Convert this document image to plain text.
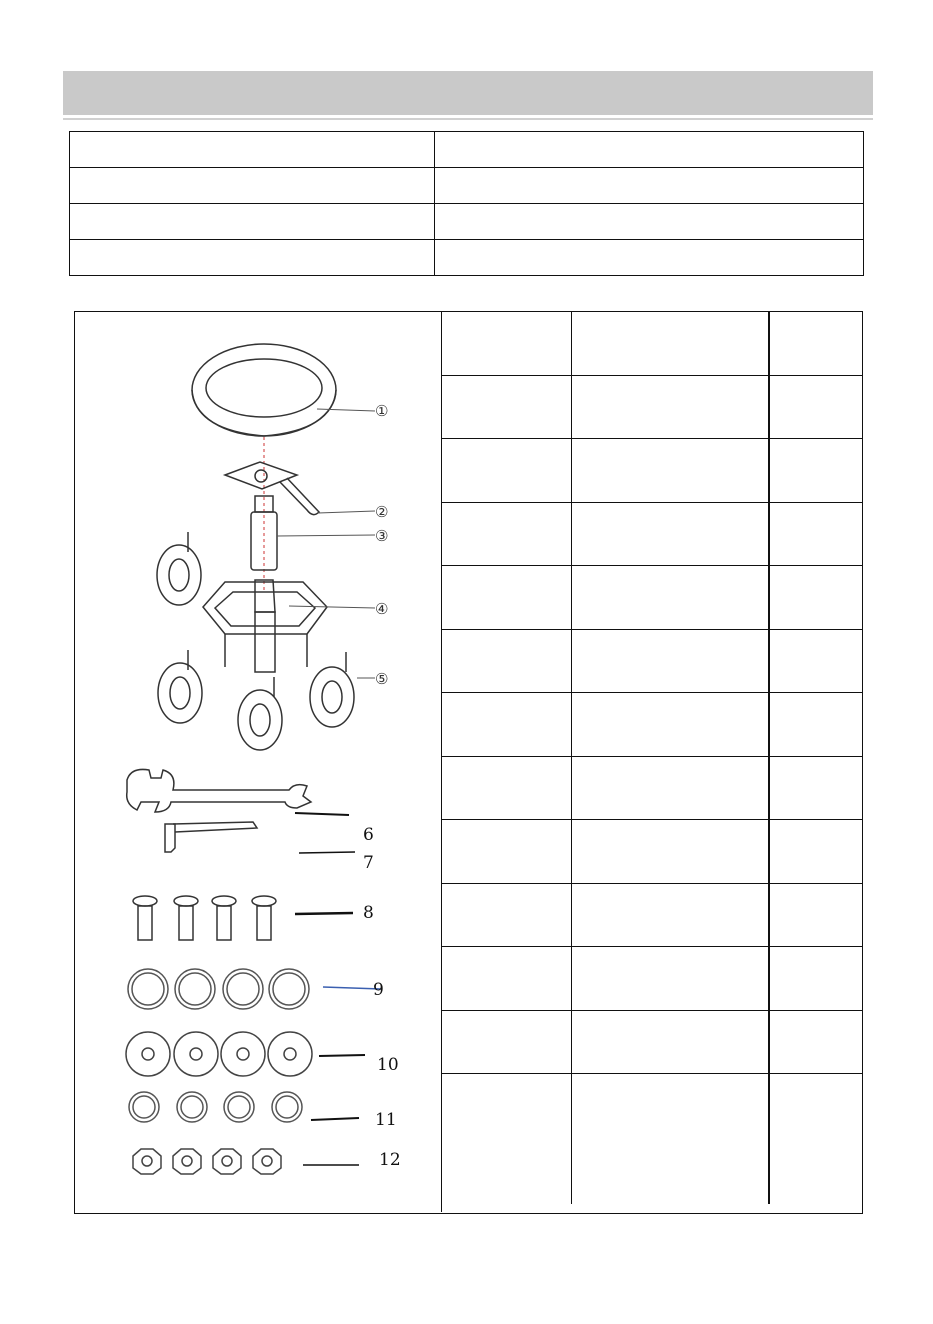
①
②
③
④
⑤
6
7
8
9
10
11
12
